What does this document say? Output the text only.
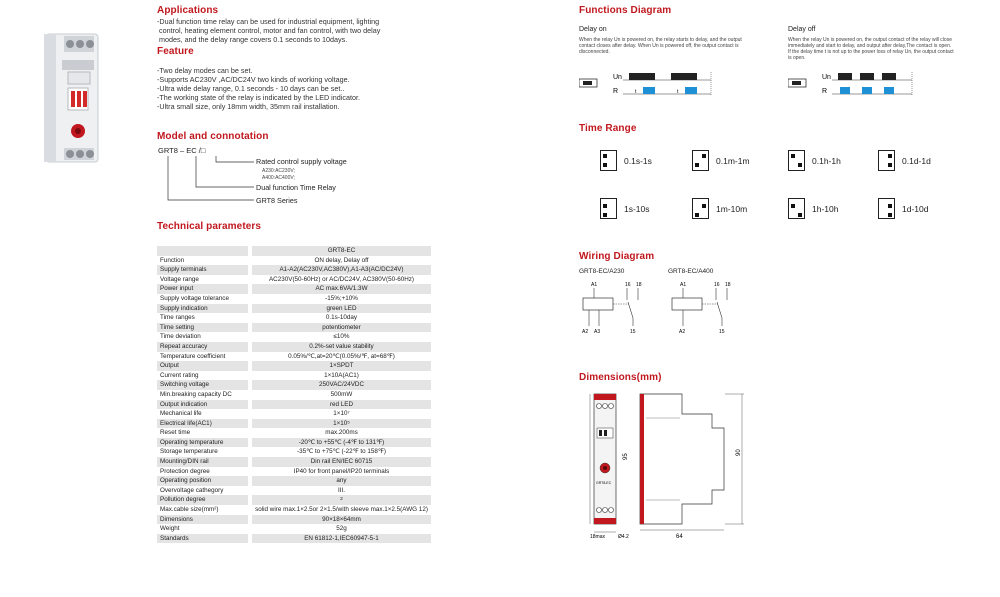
Applications
-Dual function time relay can be used for industrial equipment, lighting
control, heating element control, motor and fan control, with two delay
modes, and the delay range covers 0.1 seconds to 10days.
Feature
-Two delay modes can be set.
-Supports AC230V ,AC/DC24V two kinds of working voltage.
-Ultra wide delay range, 0.1 seconds - 10 days can be set..
-The working state of the relay is indicated by the LED indicator.
-Ultra small size, only 18mm width, 35mm rail installation.
Model and connotation
GRT8 – EC /□
Rated control supply voltage
A230:AC230V;
A400:AC400V;
Dual function Time Relay
GRT8 Series
Technical parameters
	GRT8-EC
Function	ON delay, Delay off
Supply terminals	A1-A2(AC230V,AC380V),A1-A3(AC/DC24V)
Voltage range	AC230V(50-60Hz) or AC/DC24V, AC380V(50-60Hz)
Power input	AC max.6VA/1.3W
Supply voltage tolerance	-15%;+10%
Supply indication	green LED
Time ranges	0.1s-10day
Time setting	potentiometer
Time deviation	≤10%
Repeat accuracy	0.2%-set value stability
Temperature coefficient	0.05%/℃,at=20℃(0.05%/℉, at=68℉)
Output	1×SPDT
Current rating	1×10A(AC1)
Switching voltage	250VAC/24VDC
Min.breaking capacity DC	500mW
Output indication	red LED
Mechanical life	1×10⁷
Electrical life(AC1)	1×10⁵
Reset time	max.200ms
Operating temperature	-20℃ to +55℃ (-4℉ to 131℉)
Storage temperature	-35℃ to +75℃ (-22℉ to 158℉)
Mounting/DIN rail	Din rail EN/IEC 60715
Protection degree	IP40 for front panel/IP20 terminals
Operating position	any
Overvoltage cathegory	III.
Pollution degree	2
Max.cable size(mm²)	solid wire max.1×2.5or 2×1.5/with sleeve max.1×2.5(AWG 12)
Dimensions	90×18×64mm
Weight	52g
Standards	EN 61812-1,IEC60947-5-1
Functions Diagram
Delay on
When the relay Un is powered on, the relay starts to delay, and the output
contact closes after delay. When Un is powered off, the output contact is
disconnected.
Un
R	t	t
Delay off
When the relay Un is powered on, the output contact of the relay will close
immediately and start to delay, and output after delay,The contact is open.
If the delay time t is not up to the power loss of relay Un, the output contact
is open.
Un
R
Time Range
0.1s-1s	0.1m-1m	0.1h-1h	0.1d-1d
1s-10s	1m-10m	1h-10h	1d-10d
Wiring Diagram
GRT8-EC/A230	GRT8-EC/A400
A1	16 18
A2 A3	15
A1	16 18
A2	15
Dimensions(mm)
GRT8-EC
95
18max	Ø4.2
90
64
